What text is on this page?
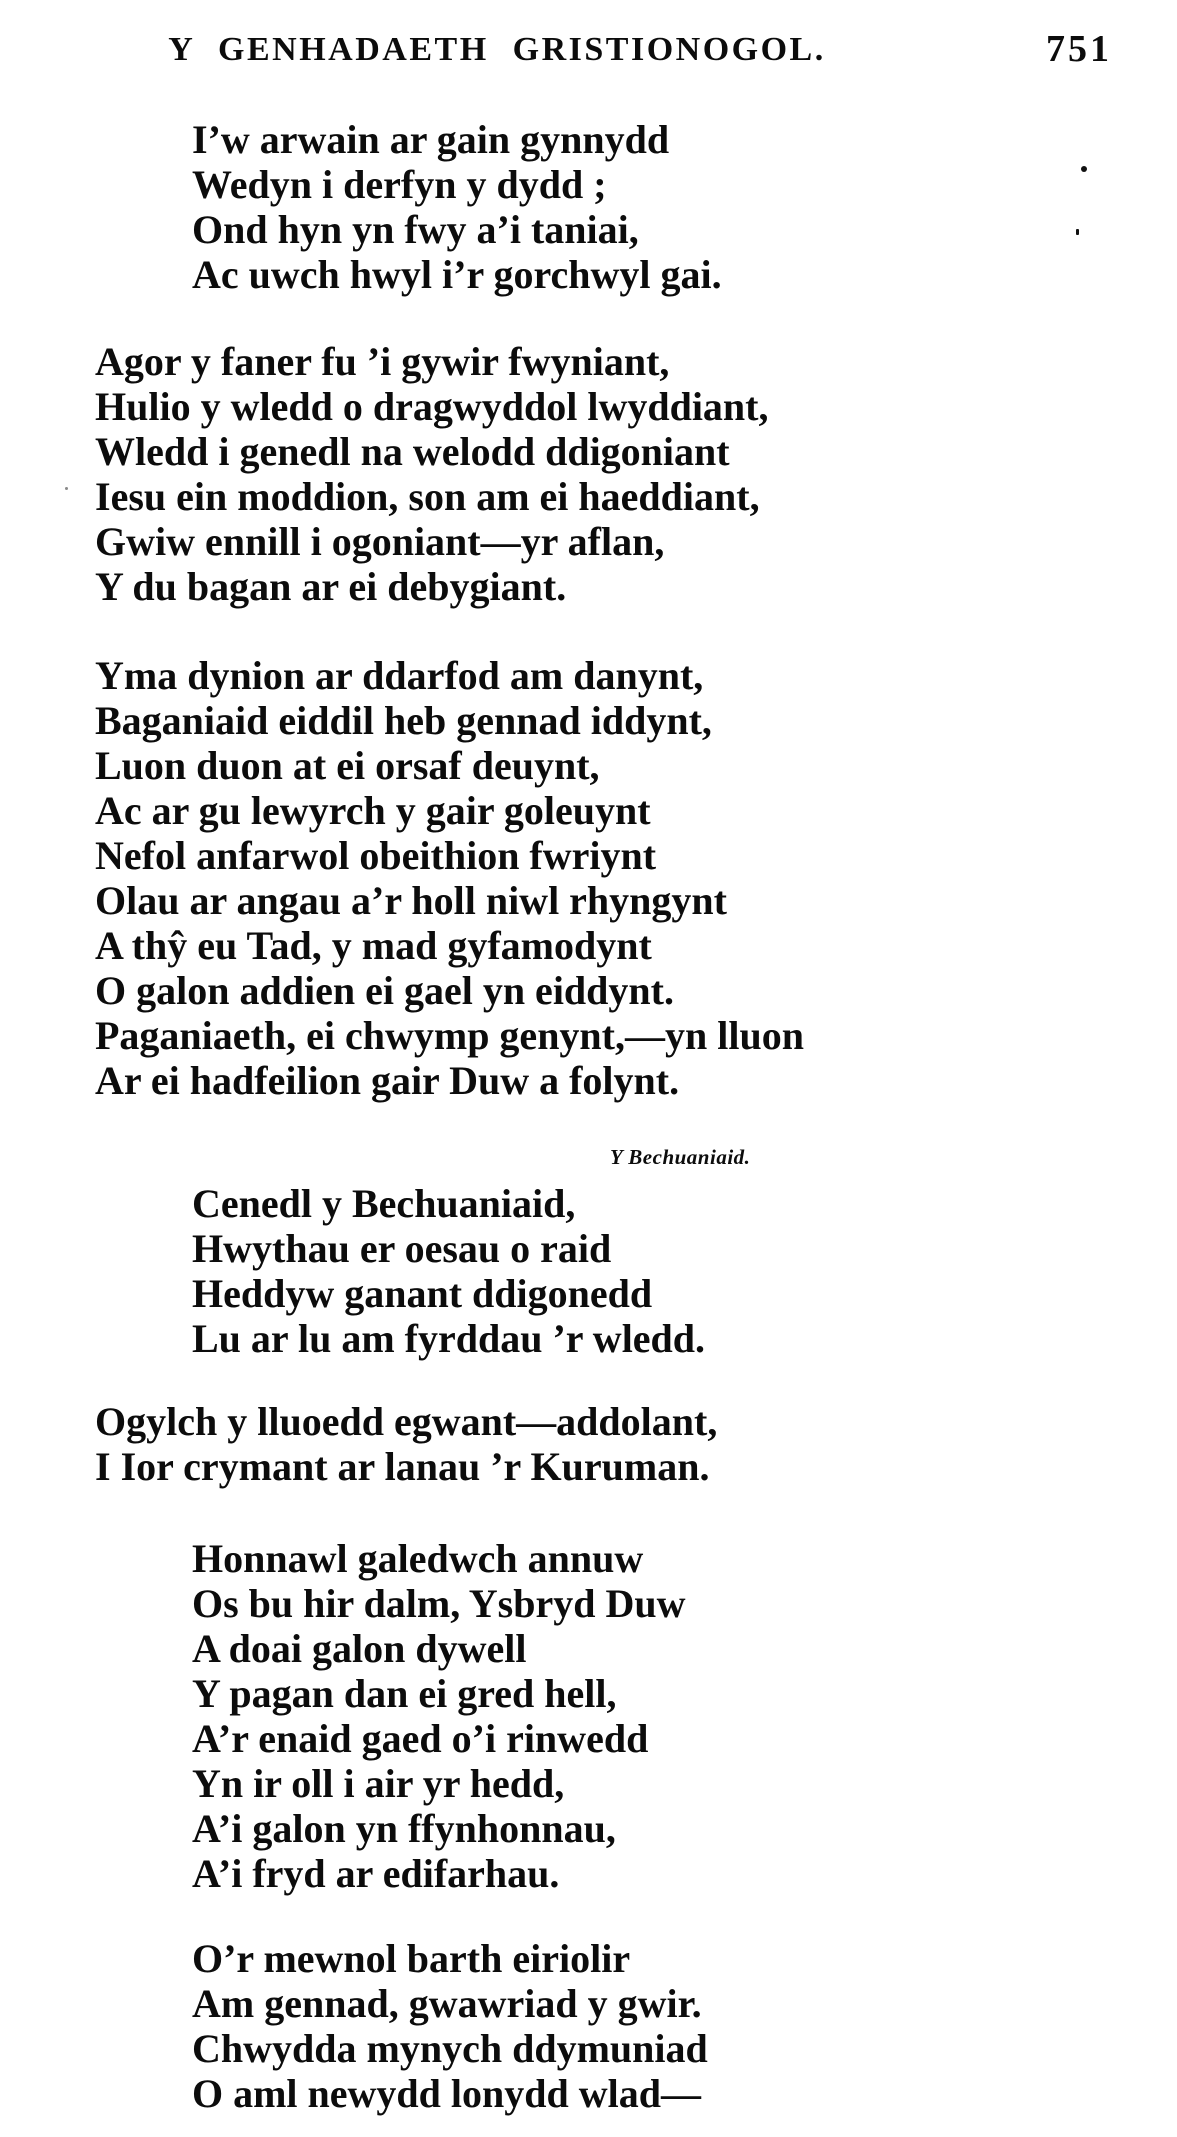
Y GENHADAETH GRISTIONOGOL.	751
I’w arwain ar gain gynnydd
Wedyn i derfyn y dydd ;
Ond hyn yn fwy a’i taniai,
Ac uwch hwyl i’r gorchwyl gai.
Agor y faner fu ’i gywir fwyniant,
Hulio y wledd o dragwyddol lwyddiant,
Wledd i genedl na welodd ddigoniant
Iesu ein moddion, son am ei haeddiant,
Gwiw ennill i ogoniant—yr aflan,
Y du bagan ar ei debygiant.
Yma dynion ar ddarfod am danynt,
Baganiaid eiddil heb gennad iddynt,
Luon duon at ei orsaf deuynt,
Ac ar gu lewyrch y gair goleuynt
Nefol anfarwol obeithion fwriynt
Olau ar angau a’r holl niwl rhyngynt
A thŷ eu Tad, y mad gyfamodynt
O galon addien ei gael yn eiddynt.
Paganiaeth, ei chwymp genynt,—yn lluon
Ar ei hadfeilion gair Duw a folynt.
Y Bechuaniaid.
Cenedl y Bechuaniaid,
Hwythau er oesau o raid
Heddyw ganant ddigonedd
Lu ar lu am fyrddau ’r wledd.
Ogylch y lluoedd egwant—addolant,
I Ior crymant ar lanau ’r Kuruman.
Honnawl galedwch annuw
Os bu hir dalm, Ysbryd Duw
A doai galon dywell
Y pagan dan ei gred hell,
A’r enaid gaed o’i rinwedd
Yn ir oll i air yr hedd,
A’i galon yn ffynhonnau,
A’i fryd ar edifarhau.
O’r mewnol barth eiriolir
Am gennad, gwawriad y gwir.
Chwydda mynych ddymuniad
O aml newydd lonydd wlad—
